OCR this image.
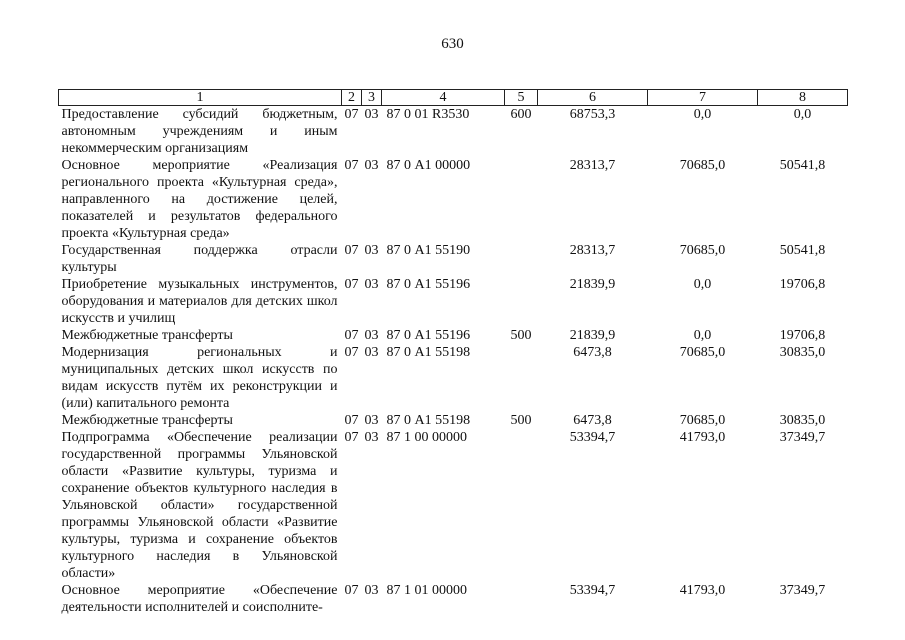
630
1	2	3	4	5	6	7	8
Предоставление субсидий бюджетным, автономным учреждениям и иным некоммерческим организациям	07	03	87 0 01 R3530	600	68753,3	0,0	0,0
Основное мероприятие «Реализация регионального проекта «Культурная среда», направленного на достижение целей, показателей и результатов федерального проекта «Культурная среда»	07	03	87 0 А1 00000		28313,7	70685,0	50541,8
Государственная поддержка отрасли культуры	07	03	87 0 А1 55190		28313,7	70685,0	50541,8
Приобретение музыкальных инструментов, оборудования и материалов для детских школ искусств и училищ	07	03	87 0 А1 55196		21839,9	0,0	19706,8
Межбюджетные трансферты	07	03	87 0 А1 55196	500	21839,9	0,0	19706,8
Модернизация региональных и муниципальных детских школ искусств по видам искусств путём их реконструкции и (или) капитального ремонта	07	03	87 0 А1 55198		6473,8	70685,0	30835,0
Межбюджетные трансферты	07	03	87 0 А1 55198	500	6473,8	70685,0	30835,0
Подпрограмма «Обеспечение реализации государственной программы Ульяновской области «Развитие культуры, туризма и сохранение объектов культурного наследия в Ульяновской области» государственной программы Ульяновской области «Развитие культуры, туризма и сохранение объектов культурного наследия в Ульяновской области»	07	03	87 1 00 00000		53394,7	41793,0	37349,7
Основное мероприятие «Обеспечение деятельности исполнителей и соисполните-	07	03	87 1 01 00000		53394,7	41793,0	37349,7
